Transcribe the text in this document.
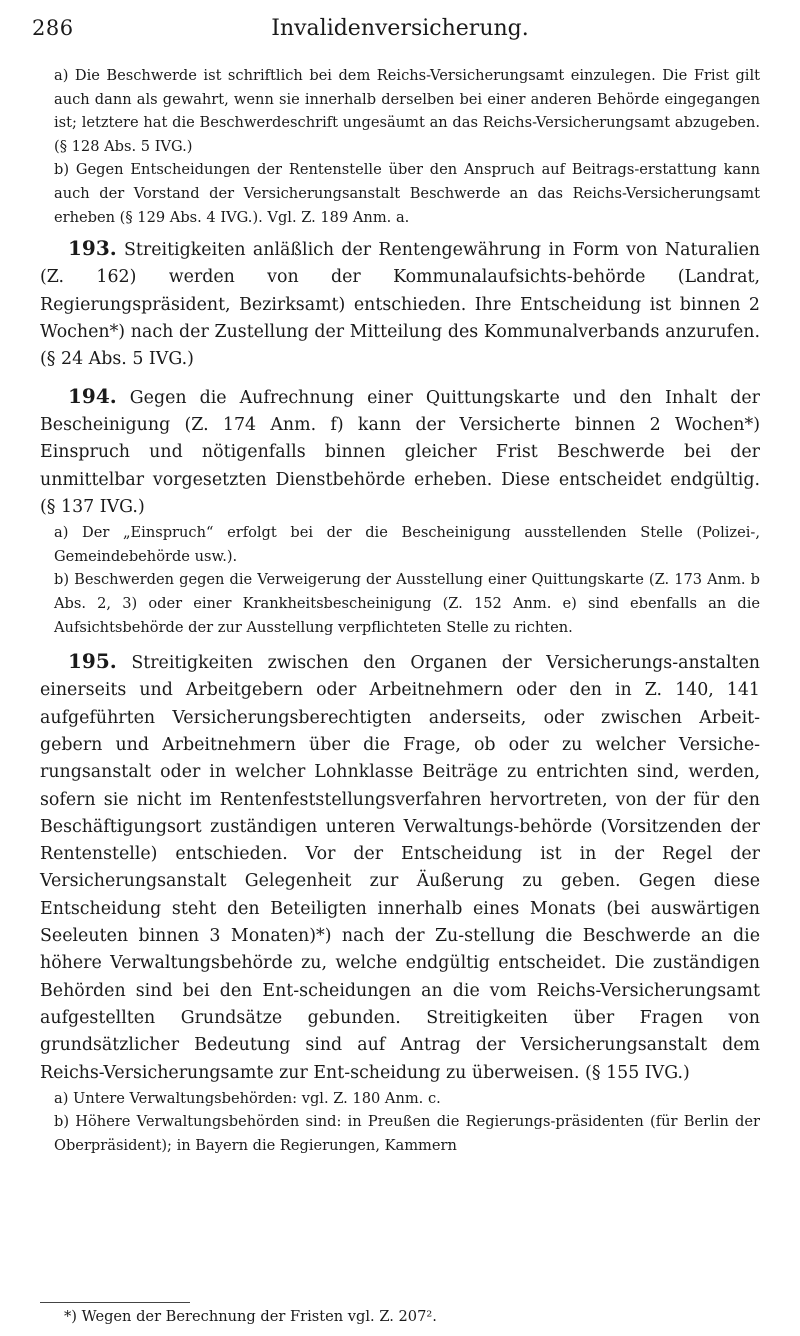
286	Invalidenversicherung.

a) Die Beschwerde ist schriftlich bei dem Reichs-Versicherungsamt einzulegen. Die Frist gilt auch dann als gewahrt, wenn sie innerhalb derselben bei einer anderen Behörde eingegangen ist; letztere hat die Beschwerdeschrift ungesäumt an das Reichs-Versicherungsamt abzugeben. (§ 128 Abs. 5 IVG.)

b) Gegen Entscheidungen der Rentenstelle über den Anspruch auf Beitrags-erstattung kann auch der Vorstand der Versicherungsanstalt Beschwerde an das Reichs-Versicherungsamt erheben (§ 129 Abs. 4 IVG.). Vgl. Z. 189 Anm. a.

193. Streitigkeiten anläßlich der Rentengewährung in Form von Naturalien (Z. 162) werden von der Kommunalaufsichts-behörde (Landrat, Regierungspräsident, Bezirksamt) entschieden. Ihre Entscheidung ist binnen 2 Wochen*) nach der Zustellung der Mitteilung des Kommunalverbands anzurufen. (§ 24 Abs. 5 IVG.)

194. Gegen die Aufrechnung einer Quittungskarte und den Inhalt der Bescheinigung (Z. 174 Anm. f) kann der Versicherte binnen 2 Wochen*) Einspruch und nötigenfalls binnen gleicher Frist Beschwerde bei der unmittelbar vorgesetzten Dienstbehörde erheben. Diese entscheidet endgültig. (§ 137 IVG.)

a) Der „Einspruch“ erfolgt bei der die Bescheinigung ausstellenden Stelle (Polizei-, Gemeindebehörde usw.).

b) Beschwerden gegen die Verweigerung der Ausstellung einer Quittungskarte (Z. 173 Anm. b Abs. 2, 3) oder einer Krankheitsbescheinigung (Z. 152 Anm. e) sind ebenfalls an die Aufsichtsbehörde der zur Ausstellung verpflichteten Stelle zu richten.

195. Streitigkeiten zwischen den Organen der Versicherungs-anstalten einerseits und Arbeitgebern oder Arbeitnehmern oder den in Z. 140, 141 aufgeführten Versicherungsberechtigten anderseits, oder zwischen Arbeit-gebern und Arbeitnehmern über die Frage, ob oder zu welcher Versiche-rungsanstalt oder in welcher Lohnklasse Beiträge zu entrichten sind, werden, sofern sie nicht im Rentenfeststellungsverfahren hervortreten, von der für den Beschäftigungsort zuständigen unteren Verwaltungs-behörde (Vorsitzenden der Rentenstelle) entschieden. Vor der Entscheidung ist in der Regel der Versicherungsanstalt Gelegenheit zur Äußerung zu geben. Gegen diese Entscheidung steht den Beteiligten innerhalb eines Monats (bei auswärtigen Seeleuten binnen 3 Monaten)*) nach der Zu-stellung die Beschwerde an die höhere Verwaltungsbehörde zu, welche endgültig entscheidet. Die zuständigen Behörden sind bei den Ent-scheidungen an die vom Reichs-Versicherungsamt aufgestellten Grundsätze gebunden. Streitigkeiten über Fragen von grundsätzlicher Bedeutung sind auf Antrag der Versicherungsanstalt dem Reichs-Versicherungsamte zur Ent-scheidung zu überweisen. (§ 155 IVG.)

a) Untere Verwaltungsbehörden: vgl. Z. 180 Anm. c.

b) Höhere Verwaltungsbehörden sind: in Preußen die Regierungs-präsidenten (für Berlin der Oberpräsident); in Bayern die Regierungen, Kammern

*) Wegen der Berechnung der Fristen vgl. Z. 207².
